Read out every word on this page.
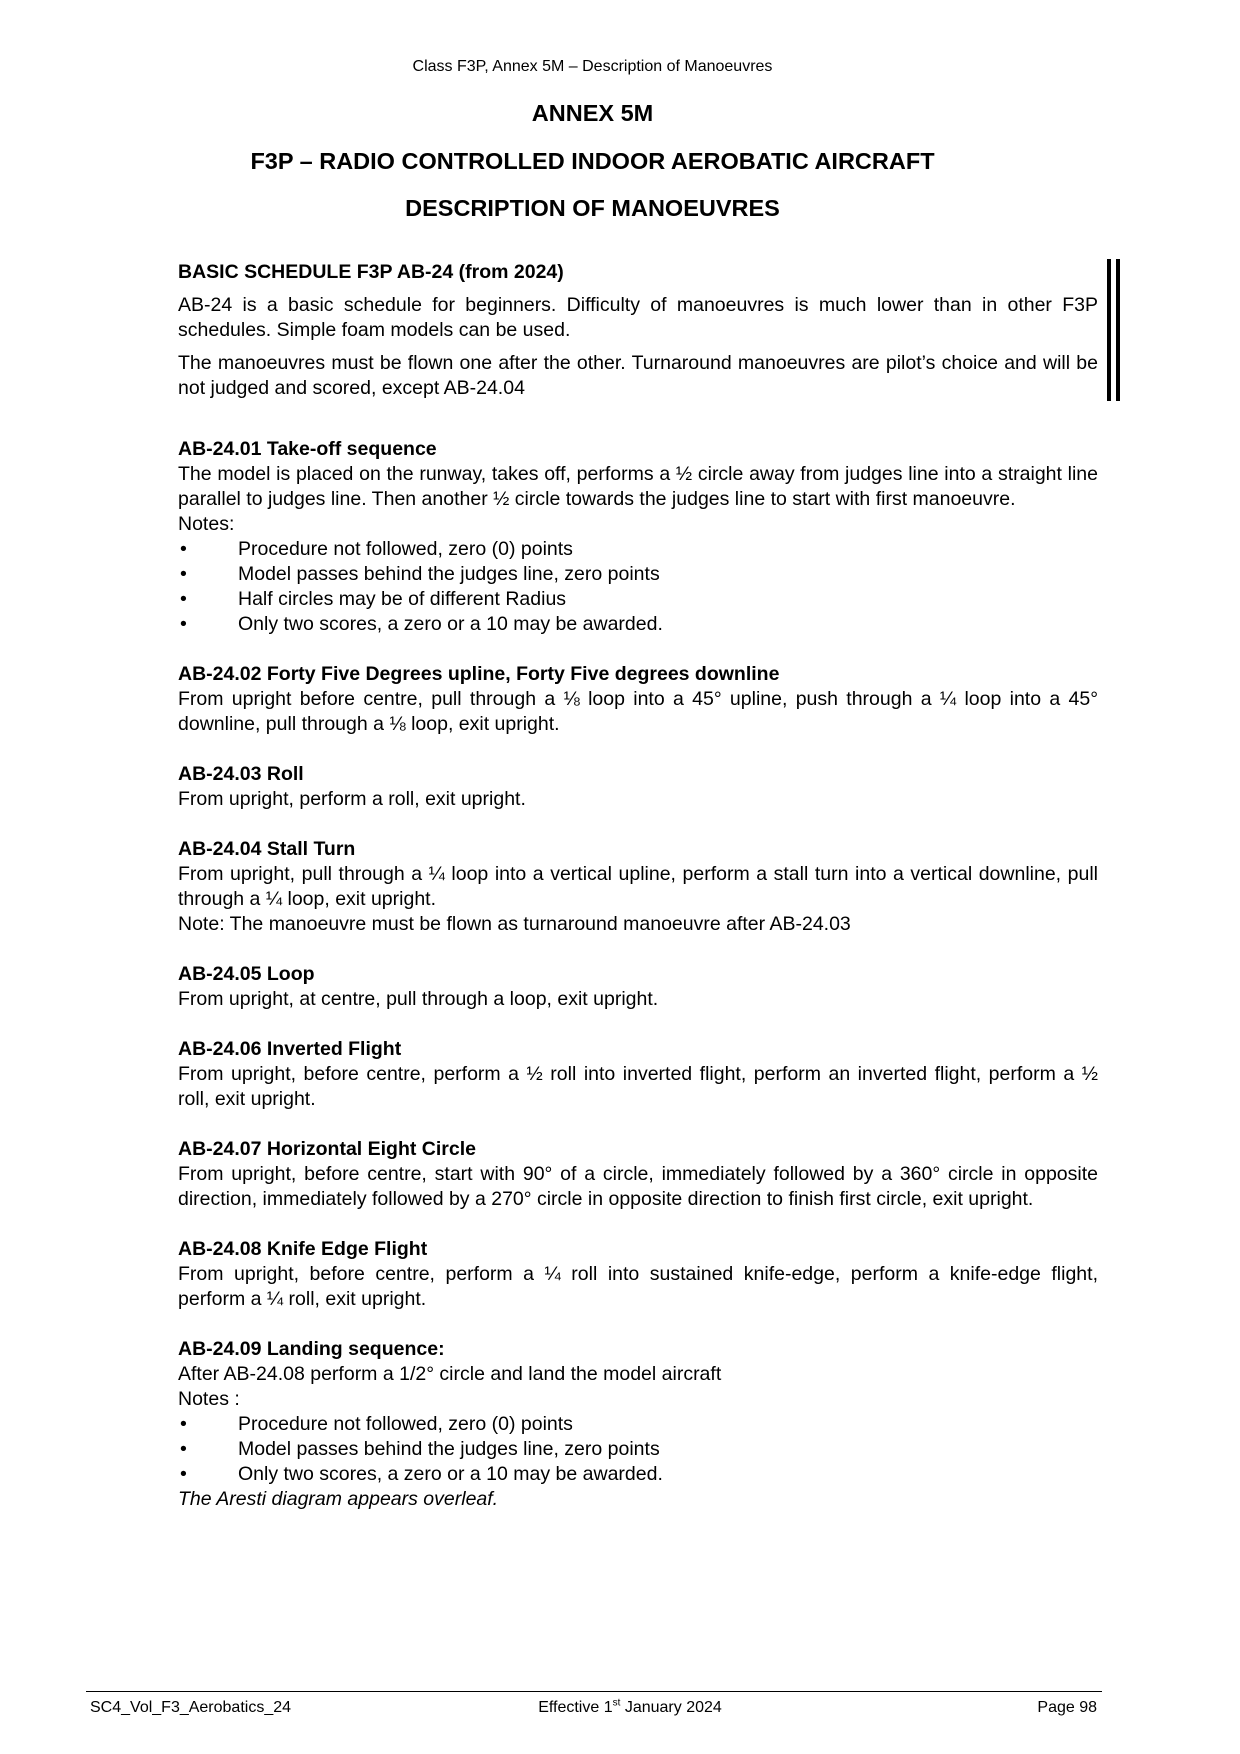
Class F3P, Annex 5M – Description of Manoeuvres
ANNEX 5M
F3P – RADIO CONTROLLED INDOOR AEROBATIC AIRCRAFT
DESCRIPTION OF MANOEUVRES

BASIC SCHEDULE F3P AB-24 (from 2024)

AB-24 is a basic schedule for beginners. Difficulty of manoeuvres is much lower than in other F3P schedules. Simple foam models can be used.

The manoeuvres must be flown one after the other. Turnaround manoeuvres are pilot’s choice and will be not judged and scored, except AB-24.04

AB-24.01 Take-off sequence

The model is placed on the runway, takes off, performs a ½ circle away from judges line into a straight line parallel to judges line. Then another ½ circle towards the judges line to start with first manoeuvre.

Notes:

•	Procedure not followed, zero (0) points
•	Model passes behind the judges line, zero points
•	Half circles may be of different Radius
•	Only two scores, a zero or a 10 may be awarded.

AB-24.02 Forty Five Degrees upline, Forty Five degrees downline

From upright before centre, pull through a ⅛ loop into a 45° upline, push through a ¼ loop into a 45° downline, pull through a ⅛ loop, exit upright.

AB-24.03 Roll

From upright, perform a roll, exit upright.

AB-24.04 Stall Turn

From upright, pull through a ¼ loop into a vertical upline, perform a stall turn into a vertical downline, pull through a ¼ loop, exit upright.

Note: The manoeuvre must be flown as turnaround manoeuvre after AB-24.03

AB-24.05 Loop

From upright, at centre, pull through a loop, exit upright.

AB-24.06 Inverted Flight

From upright, before centre, perform a ½ roll into inverted flight, perform an inverted flight, perform a ½ roll, exit upright.

AB-24.07 Horizontal Eight Circle

From upright, before centre, start with 90° of a circle, immediately followed by a 360° circle in opposite direction, immediately followed by a 270° circle in opposite direction to finish first circle, exit upright.

AB-24.08 Knife Edge Flight

From upright, before centre, perform a ¼ roll into sustained knife-edge, perform a knife-edge flight, perform a ¼ roll, exit upright.

AB-24.09 Landing sequence:

After AB-24.08 perform a 1/2° circle and land the model aircraft

Notes :

•	Procedure not followed, zero (0) points
•	Model passes behind the judges line, zero points
•	Only two scores, a zero or a 10 may be awarded.

The Aresti diagram appears overleaf.

SC4_Vol_F3_Aerobatics_24	Effective 1st January 2024	Page 98
